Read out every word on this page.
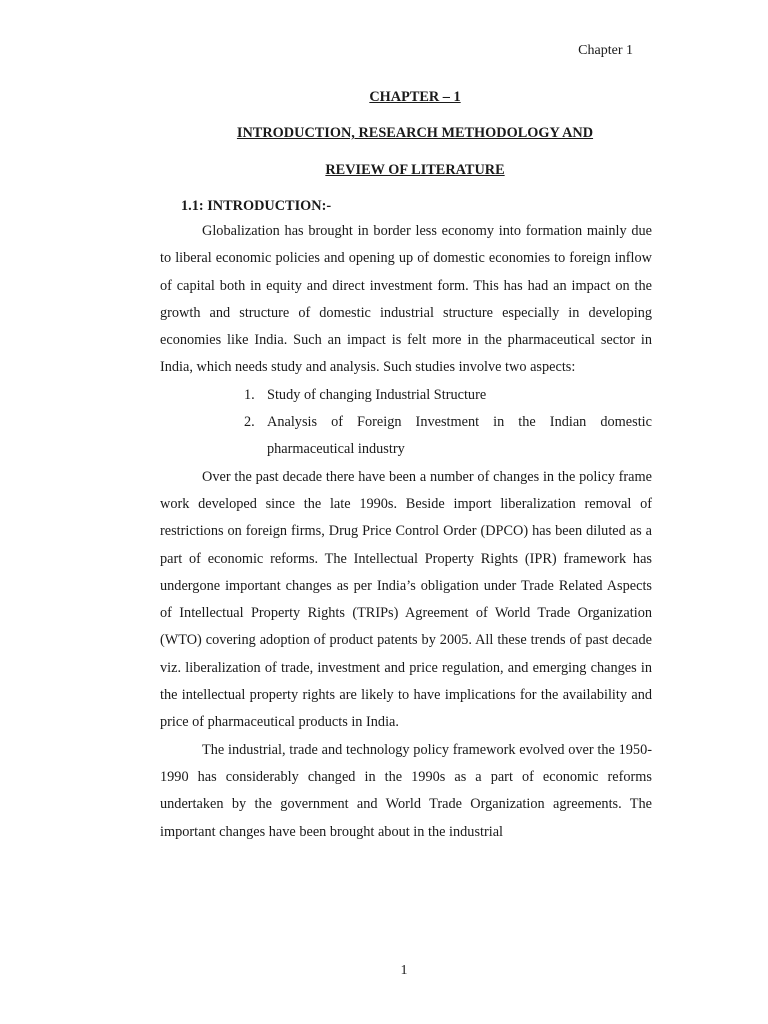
Chapter 1
CHAPTER – 1
INTRODUCTION, RESEARCH METHODOLOGY AND
REVIEW OF LITERATURE
1.1: INTRODUCTION:-

Globalization has brought in border less economy into formation mainly due to liberal economic policies and opening up of domestic economies to foreign inflow of capital both in equity and direct investment form. This has had an impact on the growth and structure of domestic industrial structure especially in developing economies like India. Such an impact is felt more in the pharmaceutical sector in India, which needs study and analysis. Such studies involve two aspects:

1. Study of changing Industrial Structure
2. Analysis of Foreign Investment in the Indian domestic pharmaceutical industry

Over the past decade there have been a number of changes in the policy frame work developed since the late 1990s. Beside import liberalization removal of restrictions on foreign firms, Drug Price Control Order (DPCO) has been diluted as a part of economic reforms. The Intellectual Property Rights (IPR) framework has undergone important changes as per India’s obligation under Trade Related Aspects of Intellectual Property Rights (TRIPs) Agreement of World Trade Organization (WTO) covering adoption of product patents by 2005. All these trends of past decade viz. liberalization of trade, investment and price regulation, and emerging changes in the intellectual property rights are likely to have implications for the availability and price of pharmaceutical products in India.

The industrial, trade and technology policy framework evolved over the 1950-1990 has considerably changed in the 1990s as a part of economic reforms undertaken by the government and World Trade Organization agreements. The important changes have been brought about in the industrial

1
